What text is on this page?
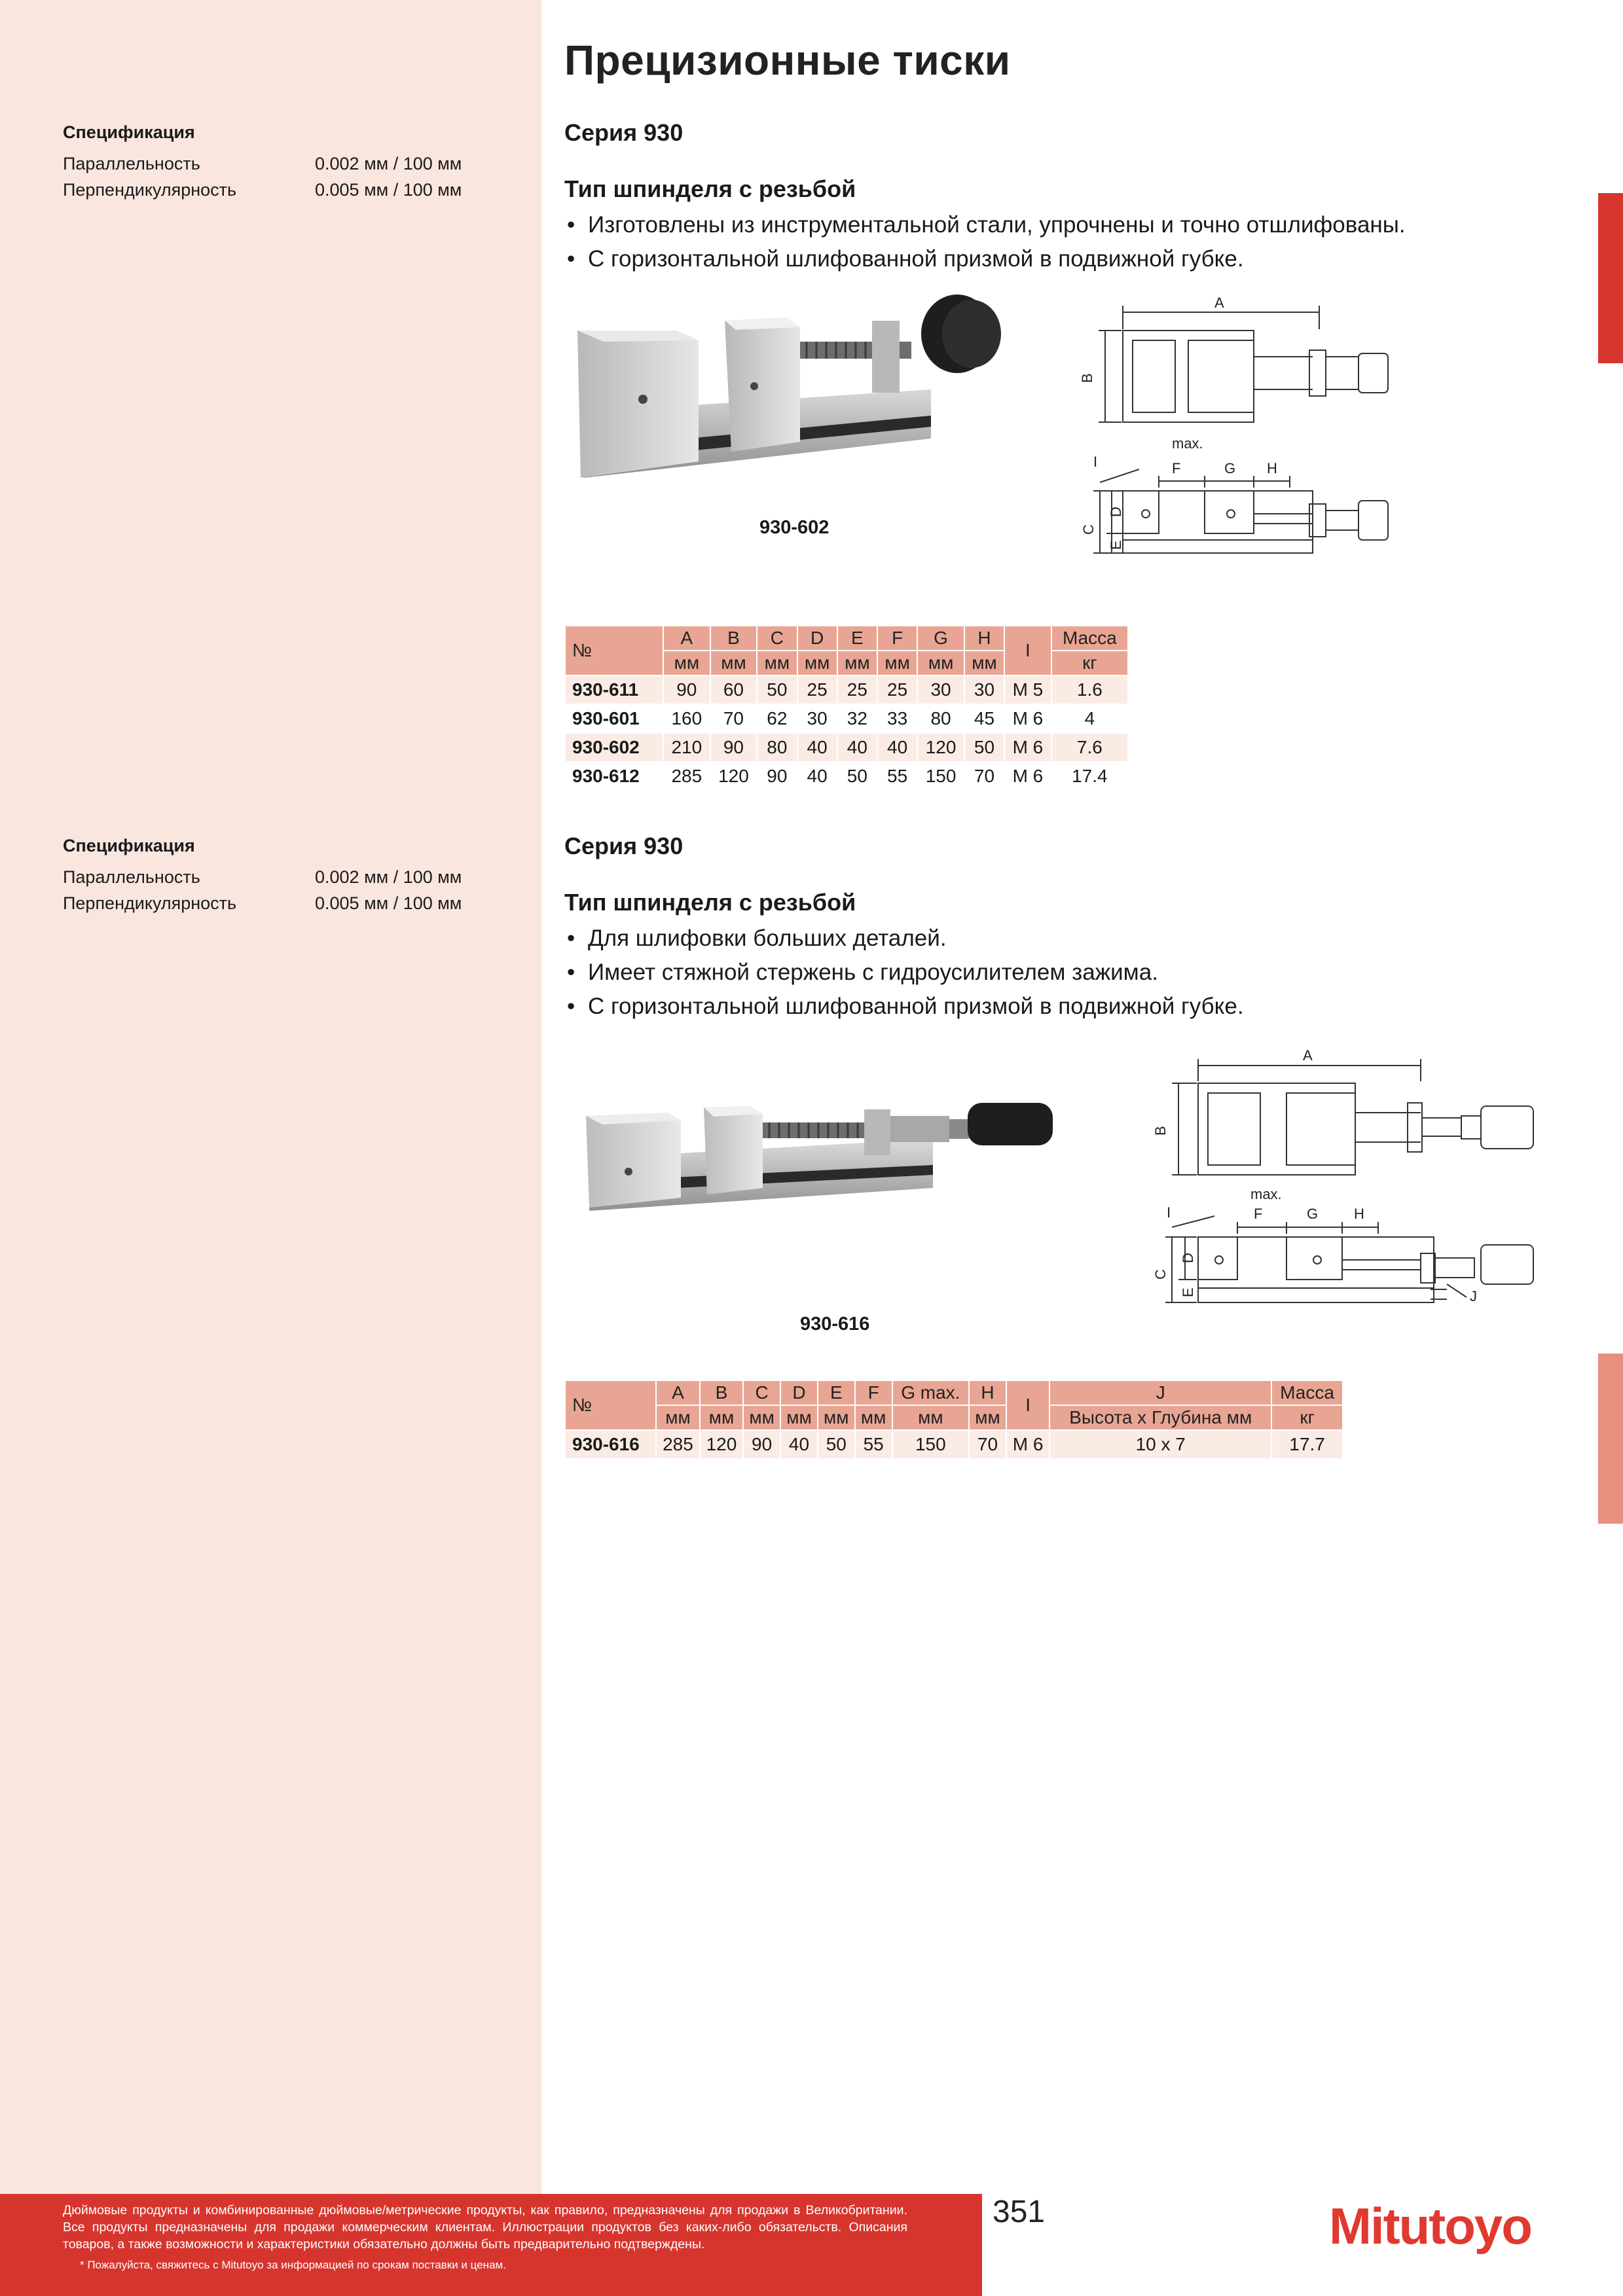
Спецификация
Параллельность	0.002 мм / 100 мм
Перпендикулярность	0.005 мм / 100 мм
Спецификация
Параллельность	0.002 мм / 100 мм
Перпендикулярность	0.005 мм / 100 мм
Прецизионные тиски
Серия 930
Тип шпинделя с резьбой
• Изготовлены из инструментальной стали, упрочнены и точно отшлифованы.
• С горизонтальной шлифованной призмой в подвижной губке.
930-602
A
B
max.
F	G H
I
C
D
E
№	A	B	C	D	E	F	G	H	I	Масса
	мм	мм	мм	мм	мм	мм	мм	мм		кг
930-611	90	60	50	25	25	25	30	30	M 5	1.6
930-601	160	70	62	30	32	33	80	45	M 6	4
930-602	210	90	80	40	40	40	120	50	M 6	7.6
930-612	285	120	90	40	50	55	150	70	M 6	17.4
Серия 930
Тип шпинделя с резьбой
• Для шлифовки больших деталей.
• Имеет стяжной стержень с гидроусилителем зажима.
• С горизонтальной шлифованной призмой в подвижной губке.
930-616
A
B
max.
F	G H
I
J
C
D
E
№	A	B	C	D	E	F	G max.	H	I	J	Масса
	мм	мм	мм	мм	мм	мм	мм	мм		Высота x Глубина мм	кг
930-616	285	120	90	40	50	55	150	70	M 6	10 x 7	17.7
Дюймовые продукты и комбинированные дюймовые/метрические продукты, как правило, предназначены для продажи в Великобритании. Все продукты предназначены для продажи коммерческим клиентам. Иллюстрации продуктов без каких-либо обязательств. Описания товаров, а также возможности и характеристики обязательно должны быть предварительно подтверждены.
* Пожалуйста, свяжитесь с Mitutoyo за информацией по срокам поставки и ценам.
351	Mitutoyo
